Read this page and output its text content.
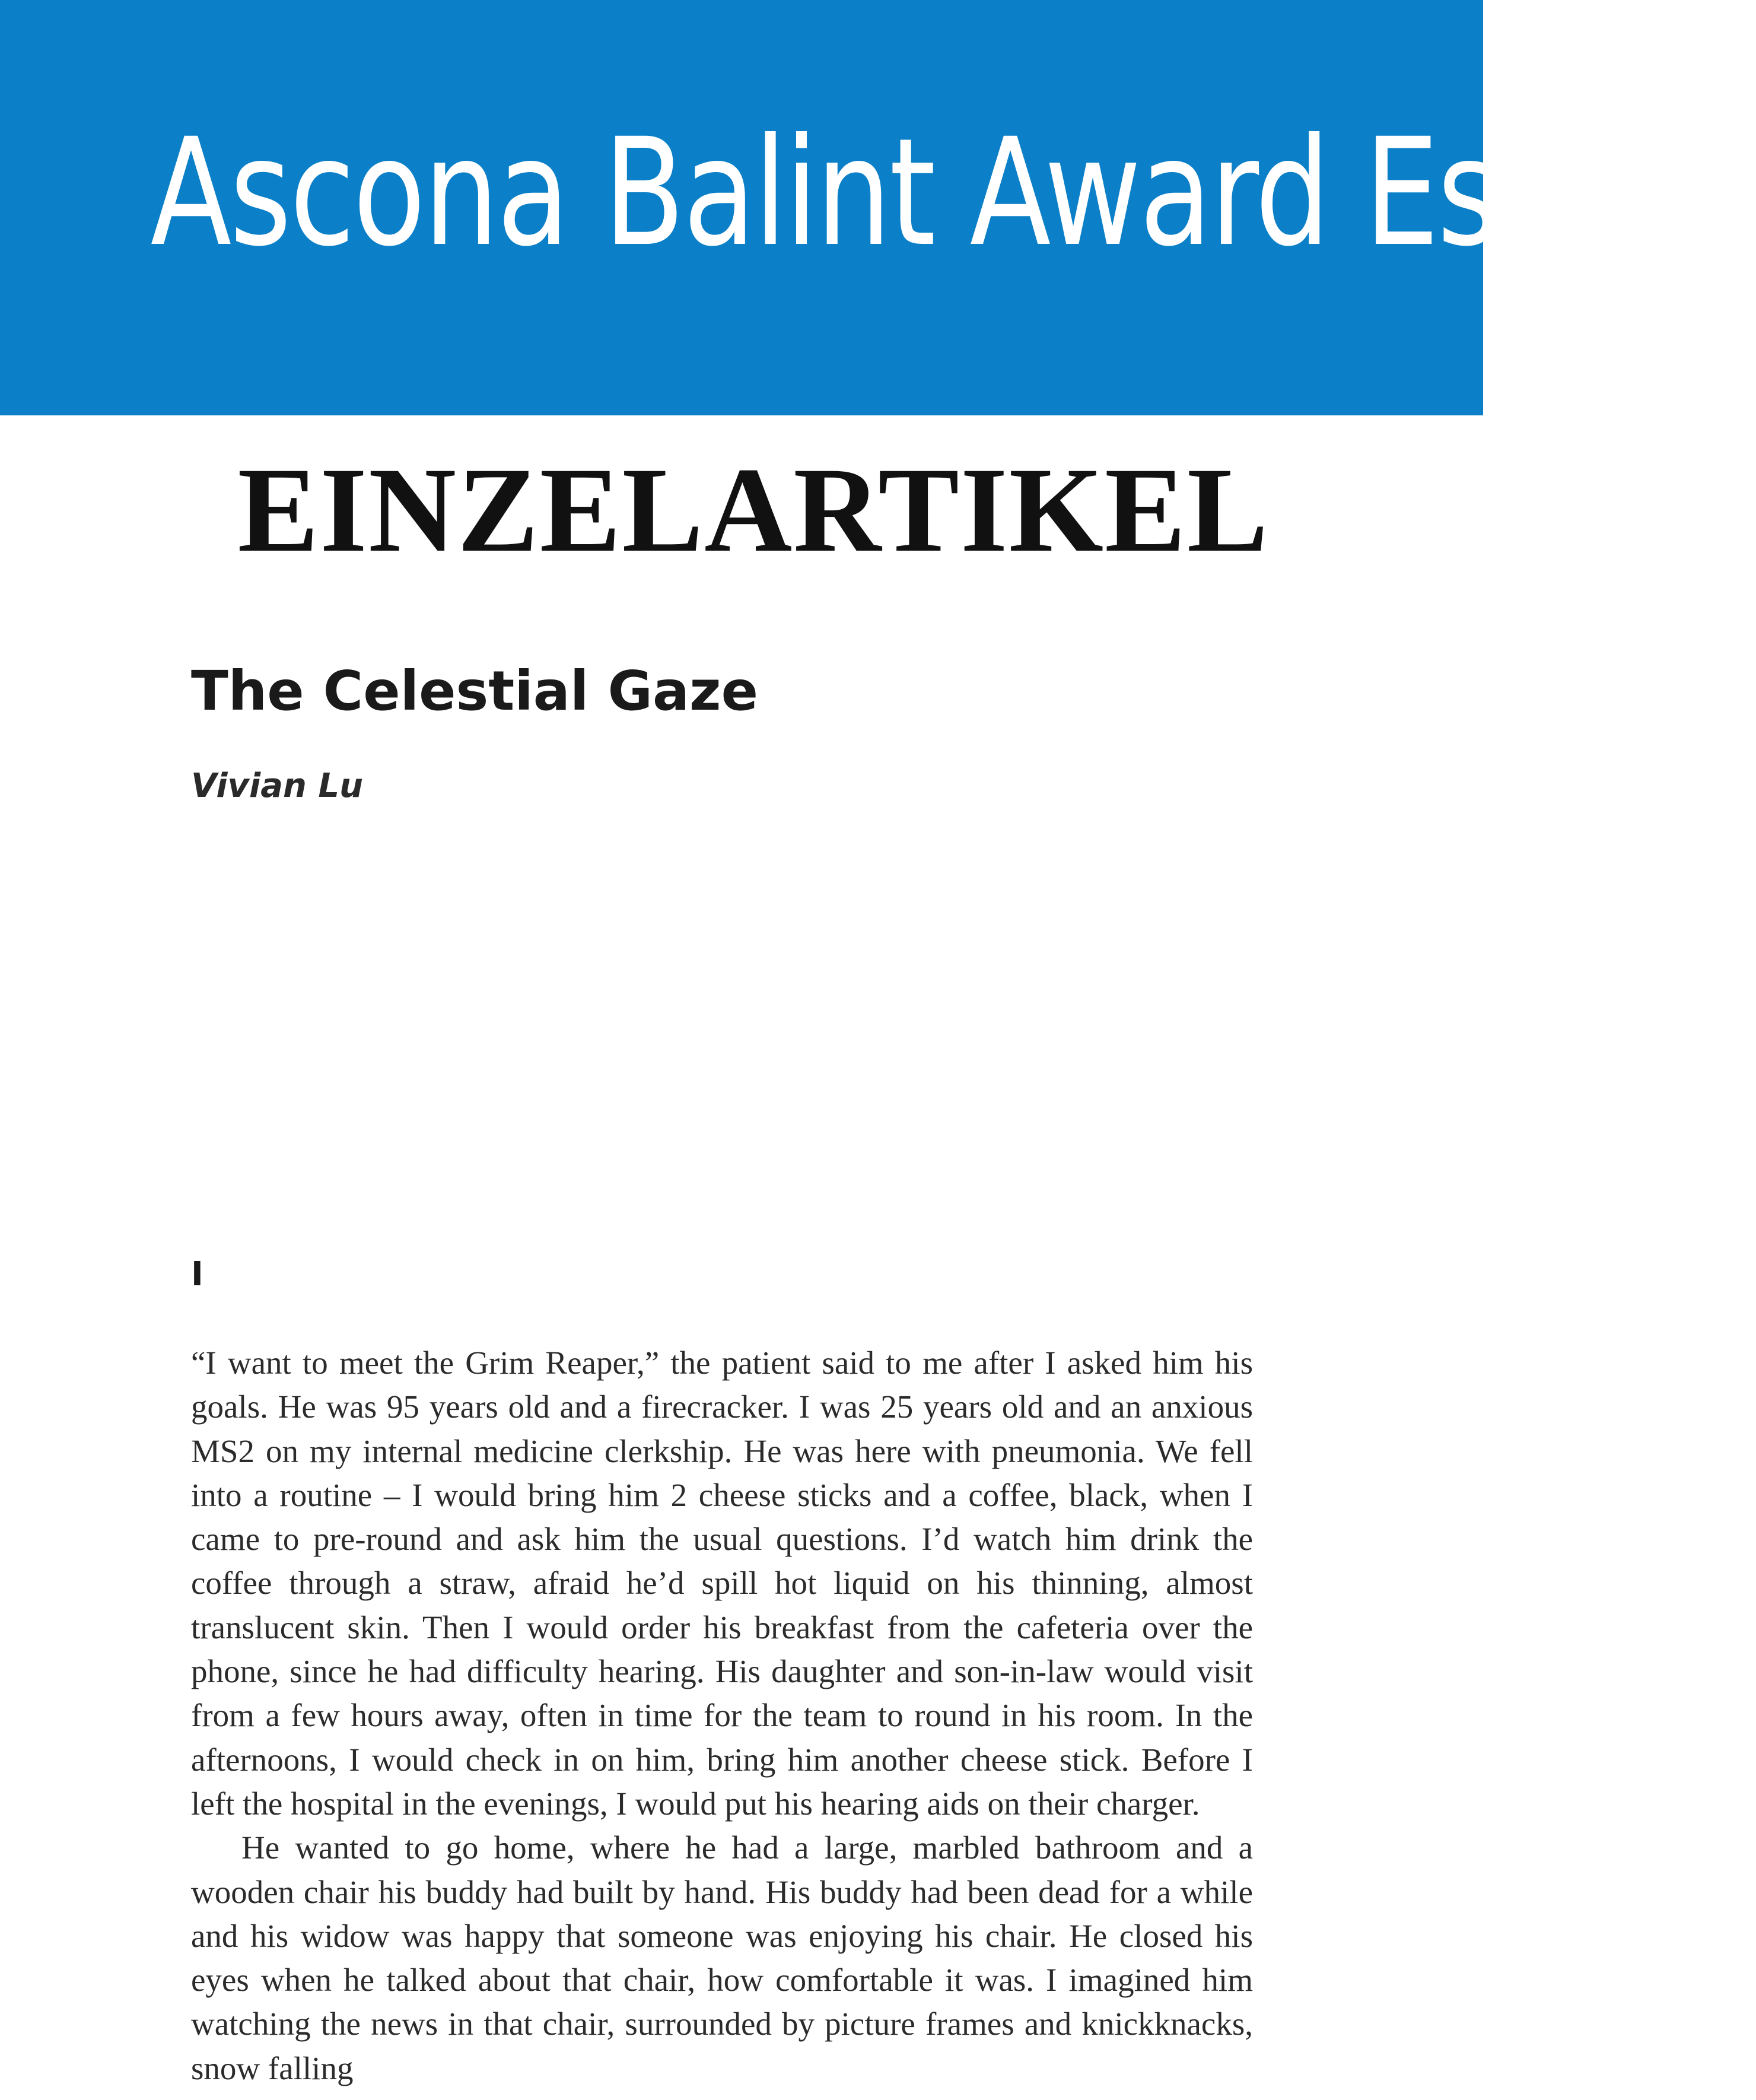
Ascona Balint Award Essays
EINZELARTIKEL
The Celestial Gaze
Vivian Lu
I

“I want to meet the Grim Reaper,” the patient said to me after I asked him his goals. He was 95 years old and a firecracker. I was 25 years old and an anxious MS2 on my internal medicine clerkship. He was here with pneumonia. We fell into a routine – I would bring him 2 cheese sticks and a coffee, black, when I came to pre-round and ask him the usual questions. I’d watch him drink the coffee through a straw, afraid he’d spill hot liquid on his thinning, almost translucent skin. Then I would order his breakfast from the cafeteria over the phone, since he had difficulty hearing. His daughter and son-in-law would visit from a few hours away, often in time for the team to round in his room. In the afternoons, I would check in on him, bring him another cheese stick. Before I left the hospital in the evenings, I would put his hearing aids on their charger.

He wanted to go home, where he had a large, marbled bathroom and a wooden chair his buddy had built by hand. His buddy had been dead for a while and his widow was happy that someone was enjoying his chair. He closed his eyes when he talked about that chair, how comfortable it was. I imagined him watching the news in that chair, surrounded by picture frames and knickknacks, snow falling
